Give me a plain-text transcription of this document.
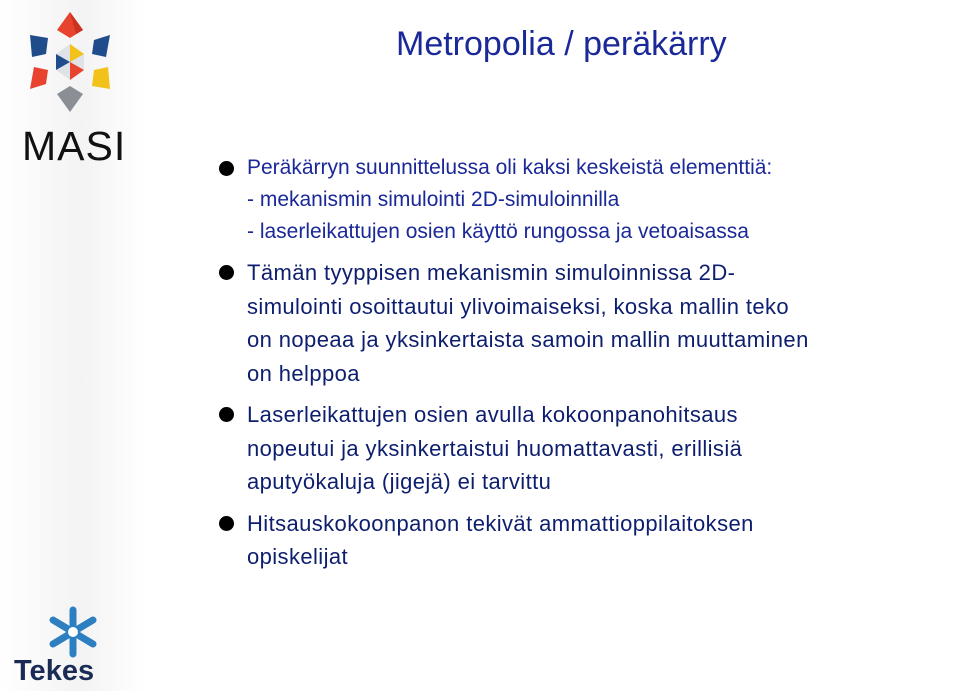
MASI
Tekes
Metropolia / peräkärry
Peräkärryn suunnittelussa oli kaksi keskeistä elementtiä:
- mekanismin simulointi 2D-simuloinnilla
- laserleikattujen osien käyttö rungossa ja vetoaisassa
Tämän tyyppisen mekanismin simuloinnissa 2D-
simulointi osoittautui ylivoimaiseksi, koska mallin teko
on nopeaa ja yksinkertaista samoin mallin muuttaminen
on helppoa
Laserleikattujen osien avulla kokoonpanohitsaus
nopeutui ja yksinkertaistui huomattavasti, erillisiä
aputyökaluja (jigejä) ei tarvittu
Hitsauskokoonpanon tekivät ammattioppilaitoksen
opiskelijat
